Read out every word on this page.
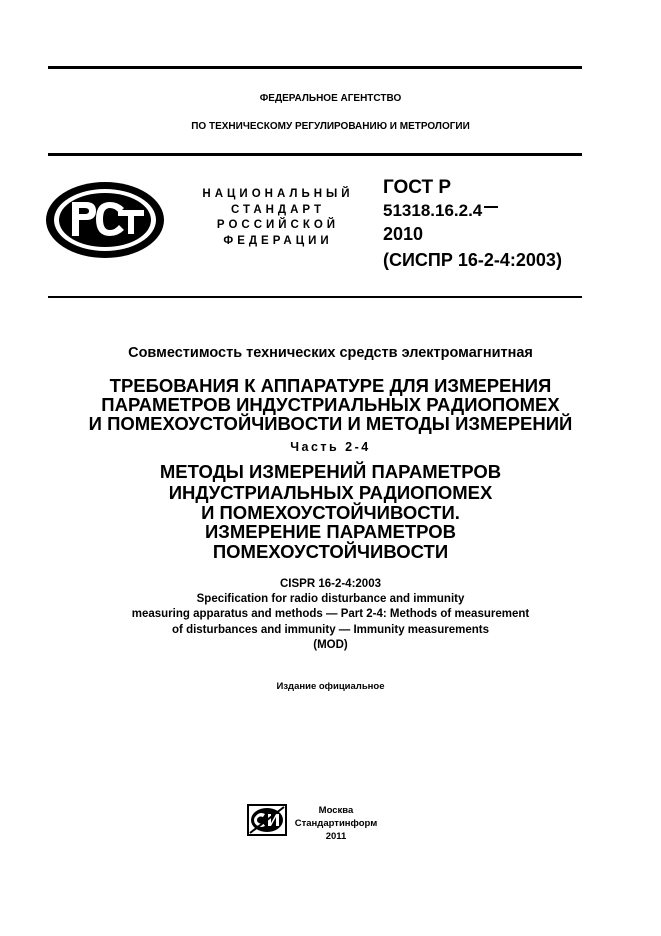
ФЕДЕРАЛЬНОЕ АГЕНТСТВО
ПО ТЕХНИЧЕСКОМУ РЕГУЛИРОВАНИЮ И МЕТРОЛОГИИ
НАЦИОНАЛЬНЫЙ
СТАНДАРТ
РОССИЙСКОЙ
ФЕДЕРАЦИИ
ГОСТ Р
51318.16.2.4
2010
(СИСПР 16-2-4:2003)
Совместимость технических средств электромагнитная
ТРЕБОВАНИЯ К АППАРАТУРЕ ДЛЯ ИЗМЕРЕНИЯ
ПАРАМЕТРОВ ИНДУСТРИАЛЬНЫХ РАДИОПОМЕХ
И ПОМЕХОУСТОЙЧИВОСТИ И МЕТОДЫ ИЗМЕРЕНИЙ
Часть 2-4
МЕТОДЫ ИЗМЕРЕНИЙ ПАРАМЕТРОВ
ИНДУСТРИАЛЬНЫХ РАДИОПОМЕХ
И ПОМЕХОУСТОЙЧИВОСТИ.
ИЗМЕРЕНИЕ ПАРАМЕТРОВ
ПОМЕХОУСТОЙЧИВОСТИ
CISPR 16-2-4:2003
Specification for radio disturbance and immunity
measuring apparatus and methods — Part 2-4: Methods of measurement
of disturbances and immunity — Immunity measurements
(MOD)
Издание официальное
Москва
Стандартинформ
2011
